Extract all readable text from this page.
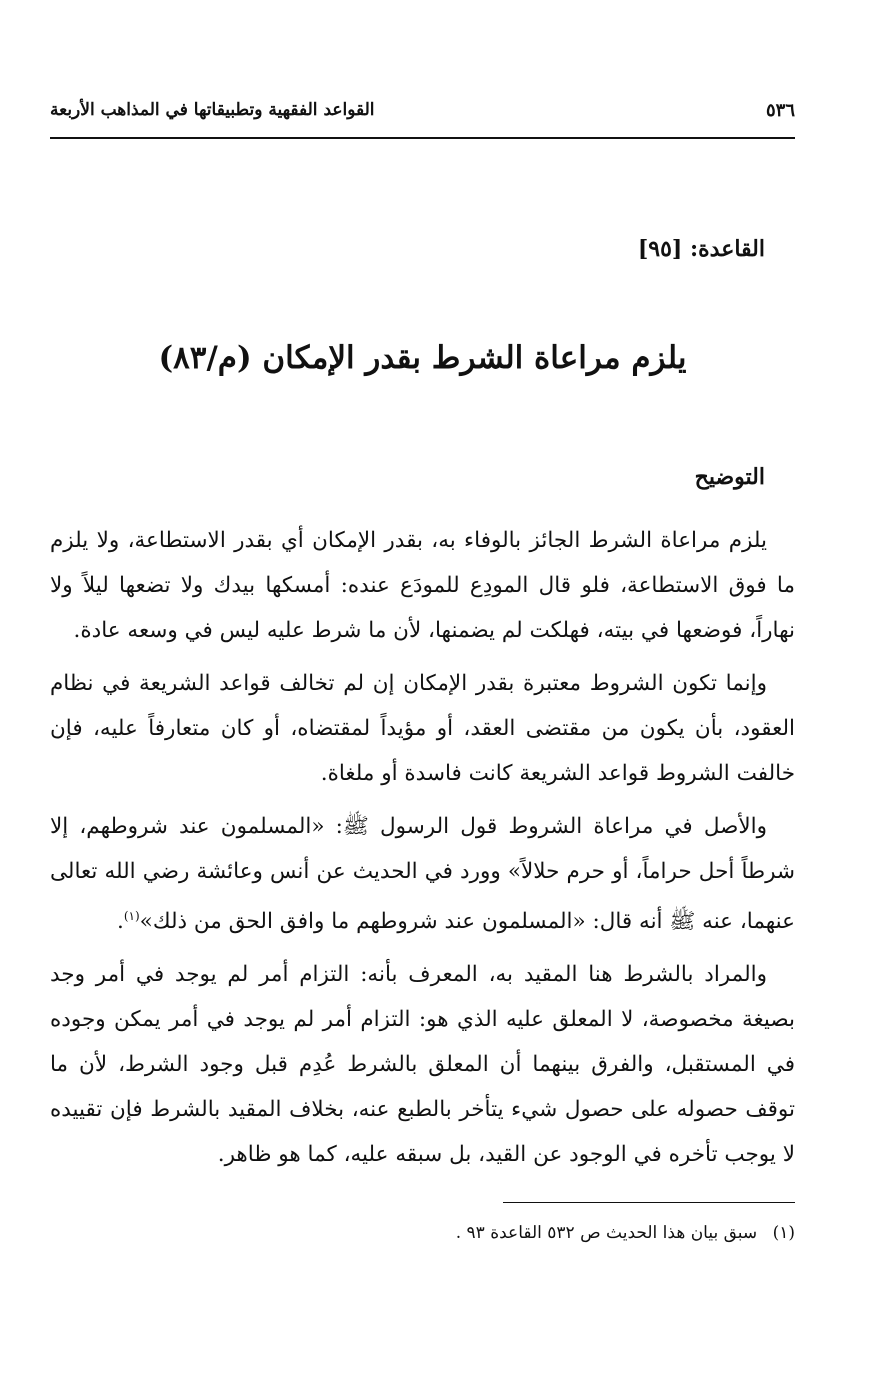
٥٣٦
القواعد الفقهية وتطبيقاتها في المذاهب الأربعة
القاعدة: [٩٥]
يلزم مراعاة الشرط بقدر الإمكان (م/٨٣)
التوضيح

يلزم مراعاة الشرط الجائز بالوفاء به، بقدر الإمكان أي بقدر الاستطاعة، ولا يلزم ما فوق الاستطاعة، فلو قال المودِع للمودَع عنده: أمسكها بيدك ولا تضعها ليلاً ولا نهاراً، فوضعها في بيته، فهلكت لم يضمنها، لأن ما شرط عليه ليس في وسعه عادة.

وإنما تكون الشروط معتبرة بقدر الإمكان إن لم تخالف قواعد الشريعة في نظام العقود، بأن يكون من مقتضى العقد، أو مؤيداً لمقتضاه، أو كان متعارفاً عليه، فإن خالفت الشروط قواعد الشريعة كانت فاسدة أو ملغاة.

والأصل في مراعاة الشروط قول الرسول ﷺ: «المسلمون عند شروطهم، إلا شرطاً أحل حراماً، أو حرم حلالاً» وورد في الحديث عن أنس وعائشة رضي الله تعالى عنهما، عنه ﷺ أنه قال: «المسلمون عند شروطهم ما وافق الحق من ذلك»$^{(١)}$.

والمراد بالشرط هنا المقيد به، المعرف بأنه: التزام أمر لم يوجد في أمر وجد بصيغة مخصوصة، لا المعلق عليه الذي هو: التزام أمر لم يوجد في أمر يمكن وجوده في المستقبل، والفرق بينهما أن المعلق بالشرط عُدِم قبل وجود الشرط، لأن ما توقف حصوله على حصول شيء يتأخر بالطبع عنه، بخلاف المقيد بالشرط فإن تقييده لا يوجب تأخره في الوجود عن القيد، بل سبقه عليه، كما هو ظاهر.

(١) سبق بيان هذا الحديث ص ٥٣٢ القاعدة ٩٣ .
